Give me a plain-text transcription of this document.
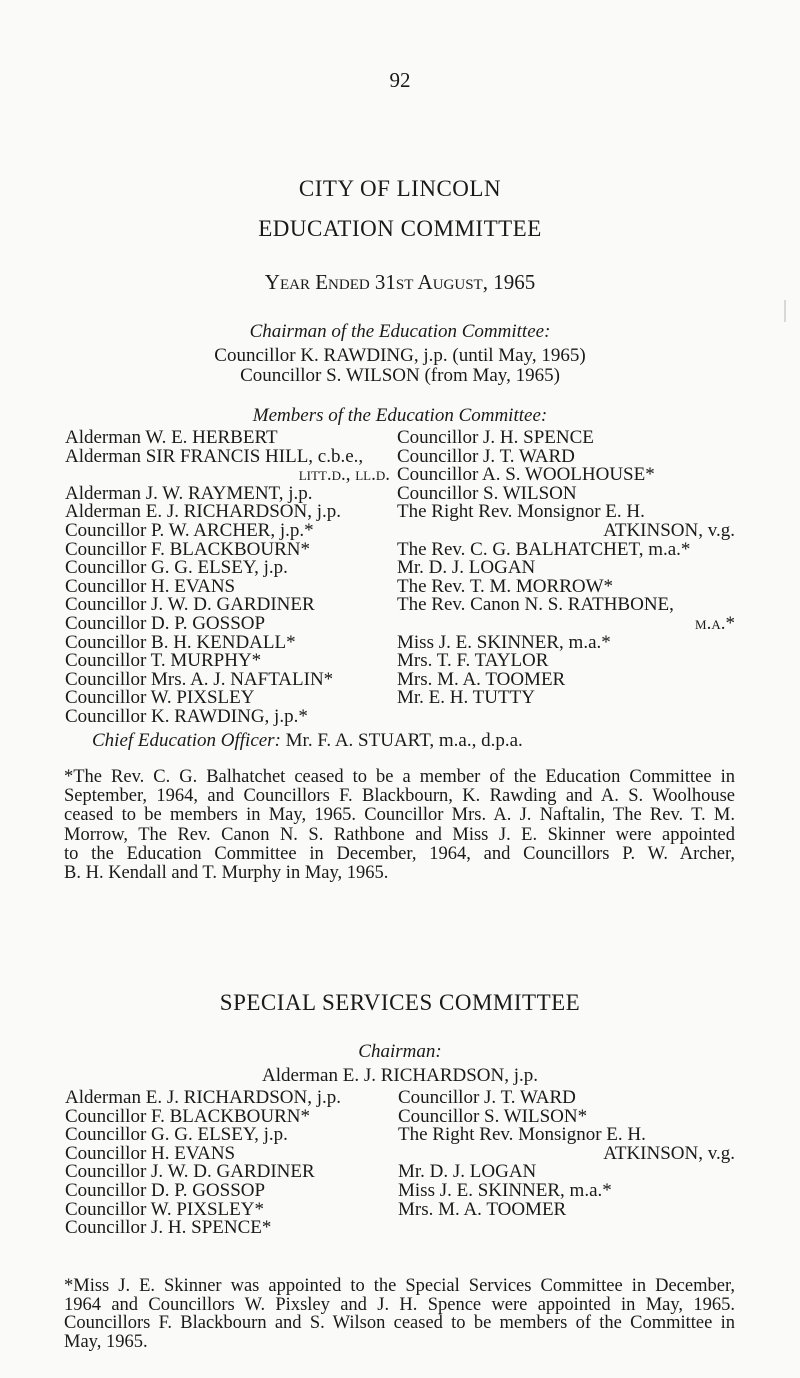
92
CITY OF LINCOLN
EDUCATION COMMITTEE
Year Ended 31st August, 1965
Chairman of the Education Committee:
Councillor K. RAWDING, j.p. (until May, 1965)
Councillor S. WILSON (from May, 1965)
Members of the Education Committee:
Alderman W. E. HERBERT
Alderman SIR FRANCIS HILL, c.b.e.,
litt.d., ll.d.
Alderman J. W. RAYMENT, j.p.
Alderman E. J. RICHARDSON, j.p.
Councillor P. W. ARCHER, j.p.*
Councillor F. BLACKBOURN*
Councillor G. G. ELSEY, j.p.
Councillor H. EVANS
Councillor J. W. D. GARDINER
Councillor D. P. GOSSOP
Councillor B. H. KENDALL*
Councillor T. MURPHY*
Councillor Mrs. A. J. NAFTALIN*
Councillor W. PIXSLEY
Councillor K. RAWDING, j.p.*
Councillor J. H. SPENCE
Councillor J. T. WARD
Councillor A. S. WOOLHOUSE*
Councillor S. WILSON
The Right Rev. Monsignor E. H.
ATKINSON, v.g.
The Rev. C. G. BALHATCHET, m.a.*
Mr. D. J. LOGAN
The Rev. T. M. MORROW*
The Rev. Canon N. S. RATHBONE,
m.a.*
Miss J. E. SKINNER, m.a.*
Mrs. T. F. TAYLOR
Mrs. M. A. TOOMER
Mr. E. H. TUTTY
Chief Education Officer: Mr. F. A. STUART, m.a., d.p.a.
*The Rev. C. G. Balhatchet ceased to be a member of the Education Committee in
September, 1964, and Councillors F. Blackbourn, K. Rawding and A. S. Woolhouse
ceased to be members in May, 1965. Councillor Mrs. A. J. Naftalin, The Rev. T. M.
Morrow, The Rev. Canon N. S. Rathbone and Miss J. E. Skinner were appointed
to the Education Committee in December, 1964, and Councillors P. W. Archer,
B. H. Kendall and T. Murphy in May, 1965.
SPECIAL SERVICES COMMITTEE
Chairman:
Alderman E. J. RICHARDSON, j.p.
Alderman E. J. RICHARDSON, j.p.
Councillor F. BLACKBOURN*
Councillor G. G. ELSEY, j.p.
Councillor H. EVANS
Councillor J. W. D. GARDINER
Councillor D. P. GOSSOP
Councillor W. PIXSLEY*
Councillor J. H. SPENCE*
Councillor J. T. WARD
Councillor S. WILSON*
The Right Rev. Monsignor E. H.
ATKINSON, v.g.
Mr. D. J. LOGAN
Miss J. E. SKINNER, m.a.*
Mrs. M. A. TOOMER
*Miss J. E. Skinner was appointed to the Special Services Committee in December,
1964 and Councillors W. Pixsley and J. H. Spence were appointed in May, 1965.
Councillors F. Blackbourn and S. Wilson ceased to be members of the Committee in
May, 1965.
